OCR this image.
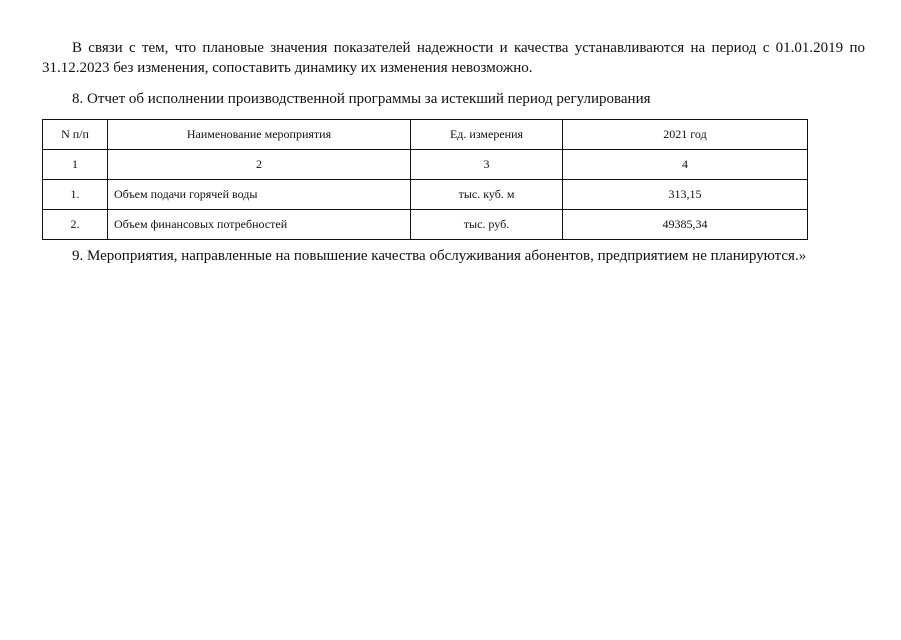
В связи с тем, что плановые значения показателей надежности и качества устанавливаются на период с 01.01.2019 по 31.12.2023 без изменения, сопоставить динамику их изменения невозможно.

8. Отчет об исполнении производственной программы за истекший период регулирования

N п/п	Наименование мероприятия	Ед. измерения	2021 год
1	2	3	4
1.	Объем подачи горячей воды	тыс. куб. м	313,15
2.	Объем финансовых потребностей	тыс. руб.	49385,34

9. Мероприятия, направленные на повышение качества обслуживания абонентов, предприятием не планируются.»
